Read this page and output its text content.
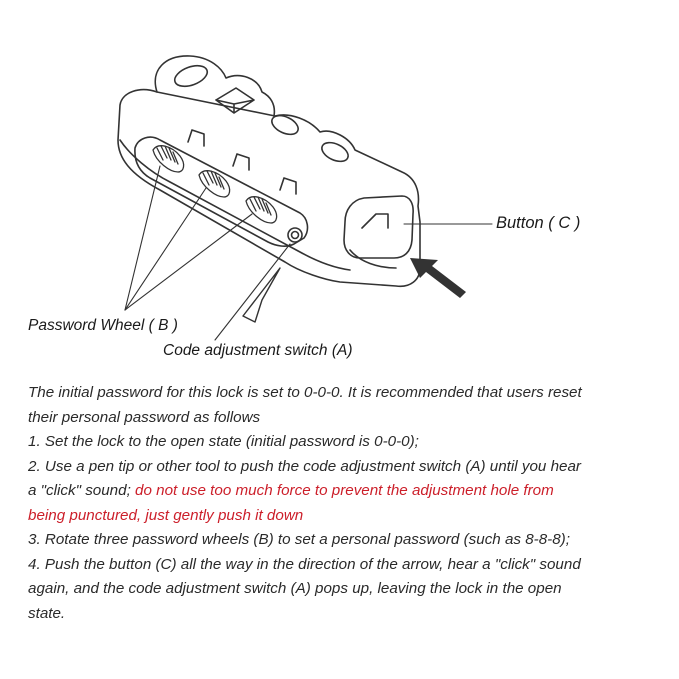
Button ( C )
Password Wheel ( B )
Code adjustment switch (A)

The initial password for this lock is set to 0-0-0. It is recommended that users reset

their personal password as follows

1. Set the lock to the open state (initial password is 0-0-0);

2. Use a pen tip or other tool to push the code adjustment switch (A) until you hear

a "click" sound; do not use too much force to prevent the adjustment hole from

being punctured, just gently push it down

3. Rotate three password wheels (B) to set a personal password (such as 8-8-8);

4. Push the button (C) all the way in the direction of the arrow, hear a "click" sound

again, and the code adjustment switch (A) pops up, leaving the lock in the open

state.
